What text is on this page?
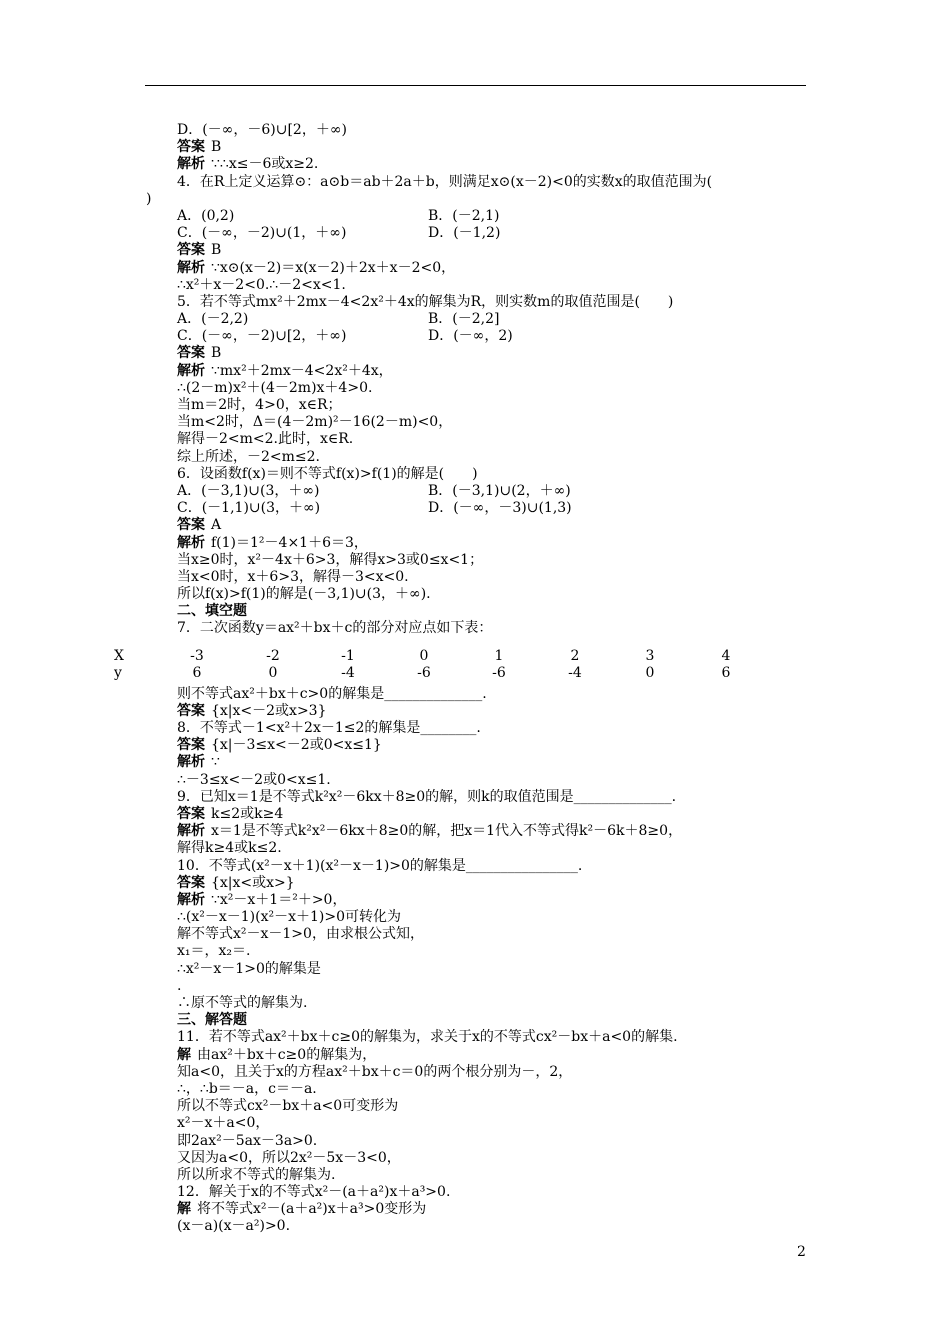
D．(－∞，－6)∪[2，＋∞)
答案 B
解析 ∵∴x≤－6或x≥2.
4．在R上定义运算⊙：a⊙b＝ab＋2a＋b，则满足x⊙(x－2)<0的实数x的取值范围为(
)
A．(0,2)	B．(－2,1)
C．(－∞，－2)∪(1，＋∞)	D．(－1,2)
答案 B
解析 ∵x⊙(x－2)＝x(x－2)＋2x＋x－2<0，
∴x²＋x－2<0.∴－2<x<1.
5．若不等式mx²＋2mx－4<2x²＋4x的解集为R，则实数m的取值范围是(　　)
A．(－2,2)	B．(－2,2]
C．(－∞，－2)∪[2，＋∞)	D．(－∞，2)
答案 B
解析 ∵mx²＋2mx－4<2x²＋4x，
∴(2－m)x²＋(4－2m)x＋4>0.
当m＝2时，4>0，x∈R；
当m<2时，Δ＝(4－2m)²－16(2－m)<0，
解得－2<m<2.此时，x∈R.
综上所述，－2<m≤2.
6．设函数f(x)＝则不等式f(x)>f(1)的解是(　　)
A．(－3,1)∪(3，＋∞)	B．(－3,1)∪(2，＋∞)
C．(－1,1)∪(3，＋∞)	D．(－∞，－3)∪(1,3)
答案 A
解析 f(1)＝1²－4×1＋6＝3，
当x≥0时，x²－4x＋6>3，解得x>3或0≤x<1；
当x<0时，x＋6>3，解得－3<x<0.
所以f(x)>f(1)的解是(－3,1)∪(3，＋∞).
二、填空题
7．二次函数y＝ax²＋bx＋c的部分对应点如下表：
X	-3	-2	-1	0	1	2	3	4
y	6	0	-4	-6	-6	-4	0	6
则不等式ax²＋bx＋c>0的解集是______________.
答案 {x|x<－2或x>3}
8．不等式－1<x²＋2x－1≤2的解集是________.
答案 {x|－3≤x<－2或0<x≤1}
解析 ∵
∴－3≤x<－2或0<x≤1.
9．已知x＝1是不等式k²x²－6kx＋8≥0的解，则k的取值范围是______________.
答案 k≤2或k≥4
解析 x＝1是不等式k²x²－6kx＋8≥0的解，把x＝1代入不等式得k²－6k＋8≥0，
解得k≥4或k≤2.
10．不等式(x²－x＋1)(x²－x－1)>0的解集是________________.
答案 {x|x<或x>}
解析 ∵x²－x＋1＝²＋>0，
∴(x²－x－1)(x²－x＋1)>0可转化为
解不等式x²－x－1>0，由求根公式知，
x₁＝，x₂＝.
∴x²－x－1>0的解集是
.
∴原不等式的解集为.
三、解答题
11．若不等式ax²＋bx＋c≥0的解集为，求关于x的不等式cx²－bx＋a<0的解集.
解 由ax²＋bx＋c≥0的解集为，
知a<0，且关于x的方程ax²＋bx＋c＝0的两个根分别为－，2，
∴，∴b＝－a，c＝－a.
所以不等式cx²－bx＋a<0可变形为
x²－x＋a<0，
即2ax²－5ax－3a>0.
又因为a<0，所以2x²－5x－3<0，
所以所求不等式的解集为.
12．解关于x的不等式x²－(a＋a²)x＋a³>0.
解 将不等式x²－(a＋a²)x＋a³>0变形为
(x－a)(x－a²)>0.
2
